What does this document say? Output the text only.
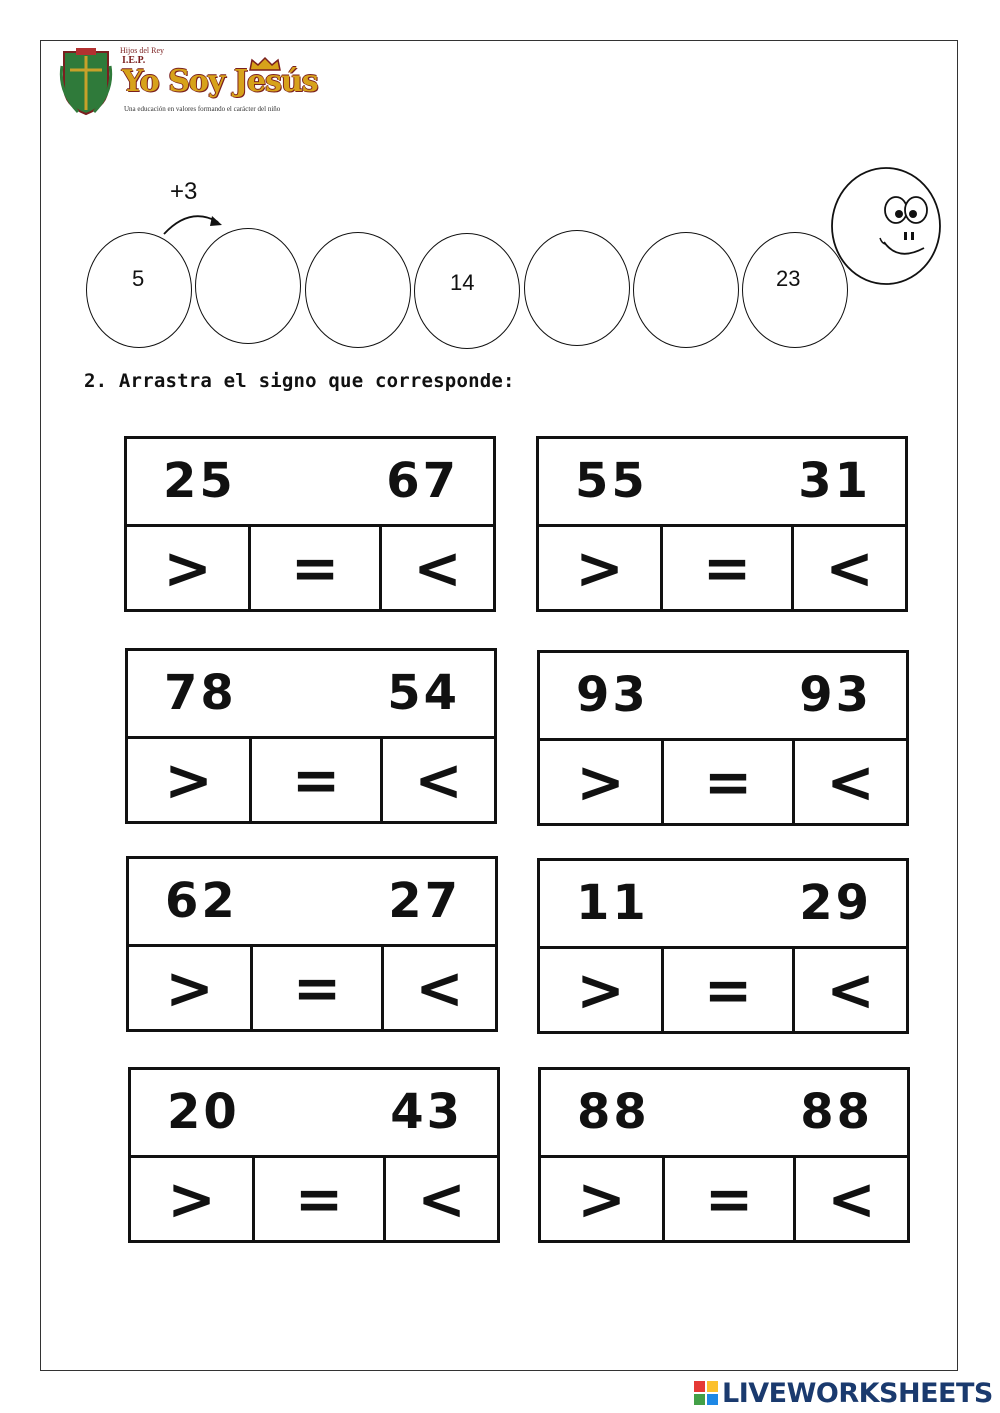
Hijos del Rey
I.E.P.
Yo Soy Jesús
Una educación en valores formando el carácter del niño
+3
5	14	23
2. Arrastra el signo que corresponde:
25	67
>	=	<
55	31
>	=	<
78	54
>	=	<
93	93
>	=	<
62	27
>	=	<
11	29
>	=	<
20	43
>	=	<
88	88
>	=	<
LIVEWORKSHEETS
